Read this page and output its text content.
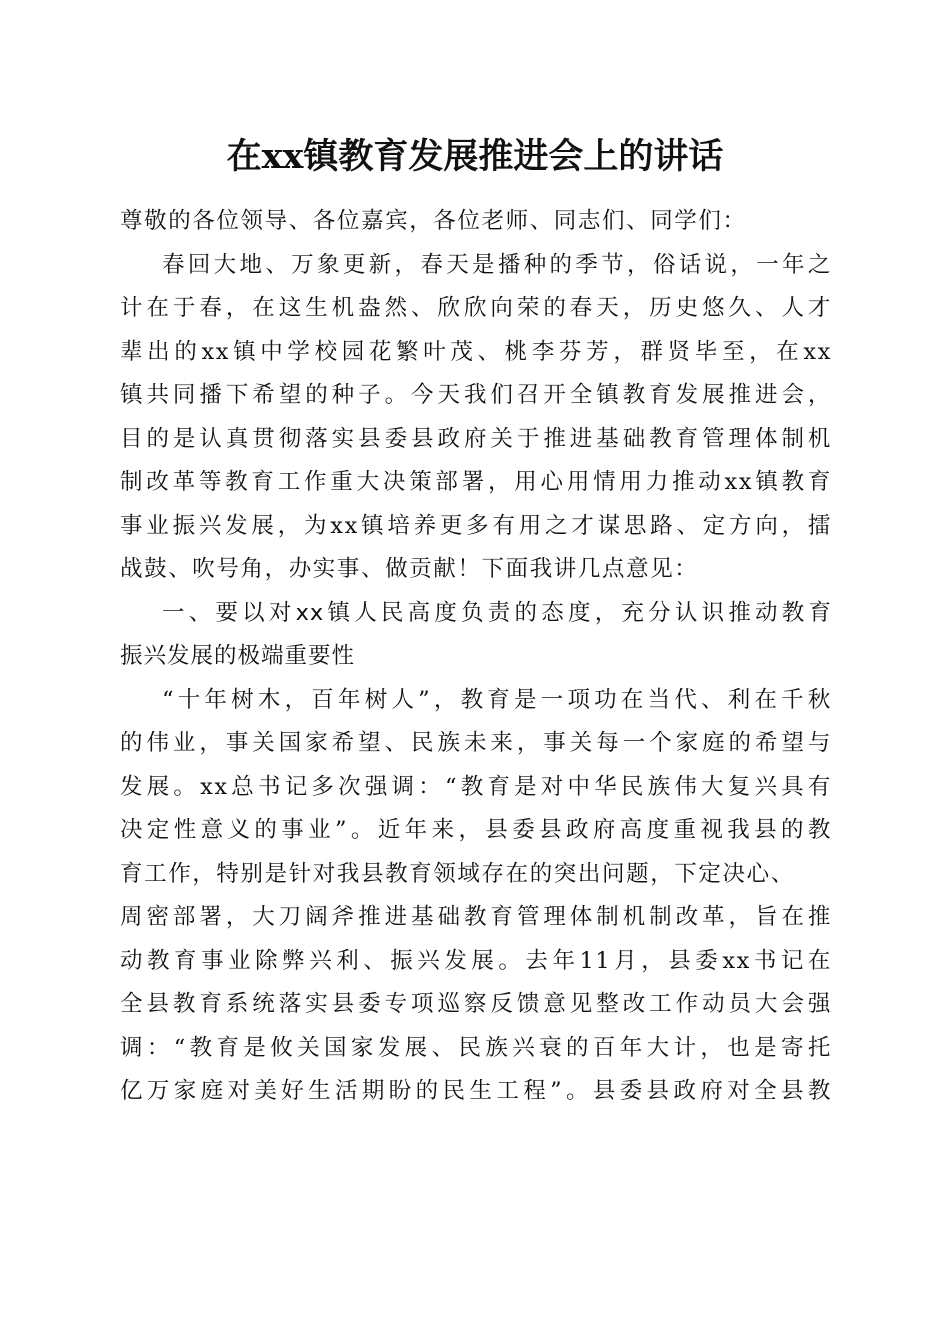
在xx镇教育发展推进会上的讲话
尊敬的各位领导、各位嘉宾，各位老师、同志们、同学们：
春回大地、万象更新，春天是播种的季节，俗话说，一年之
计在于春，在这生机盎然、欣欣向荣的春天，历史悠久、人才
辈出的xx镇中学校园花繁叶茂、桃李芬芳，群贤毕至，在xx
镇共同播下希望的种子。今天我们召开全镇教育发展推进会，
目的是认真贯彻落实县委县政府关于推进基础教育管理体制机
制改革等教育工作重大决策部署，用心用情用力推动xx镇教育
事业振兴发展，为xx镇培养更多有用之才谋思路、定方向，擂
战鼓、吹号角，办实事、做贡献！下面我讲几点意见：
一、要以对xx镇人民高度负责的态度，充分认识推动教育
振兴发展的极端重要性
“十年树木，百年树人”，教育是一项功在当代、利在千秋
的伟业，事关国家希望、民族未来，事关每一个家庭的希望与
发展。xx总书记多次强调：“教育是对中华民族伟大复兴具有
决定性意义的事业”。近年来，县委县政府高度重视我县的教
育工作，特别是针对我县教育领域存在的突出问题，下定决心、
周密部署，大刀阔斧推进基础教育管理体制机制改革，旨在推
动教育事业除弊兴利、振兴发展。去年11月，县委xx书记在
全县教育系统落实县委专项巡察反馈意见整改工作动员大会强
调：“教育是攸关国家发展、民族兴衰的百年大计，也是寄托
亿万家庭对美好生活期盼的民生工程”。县委县政府对全县教
